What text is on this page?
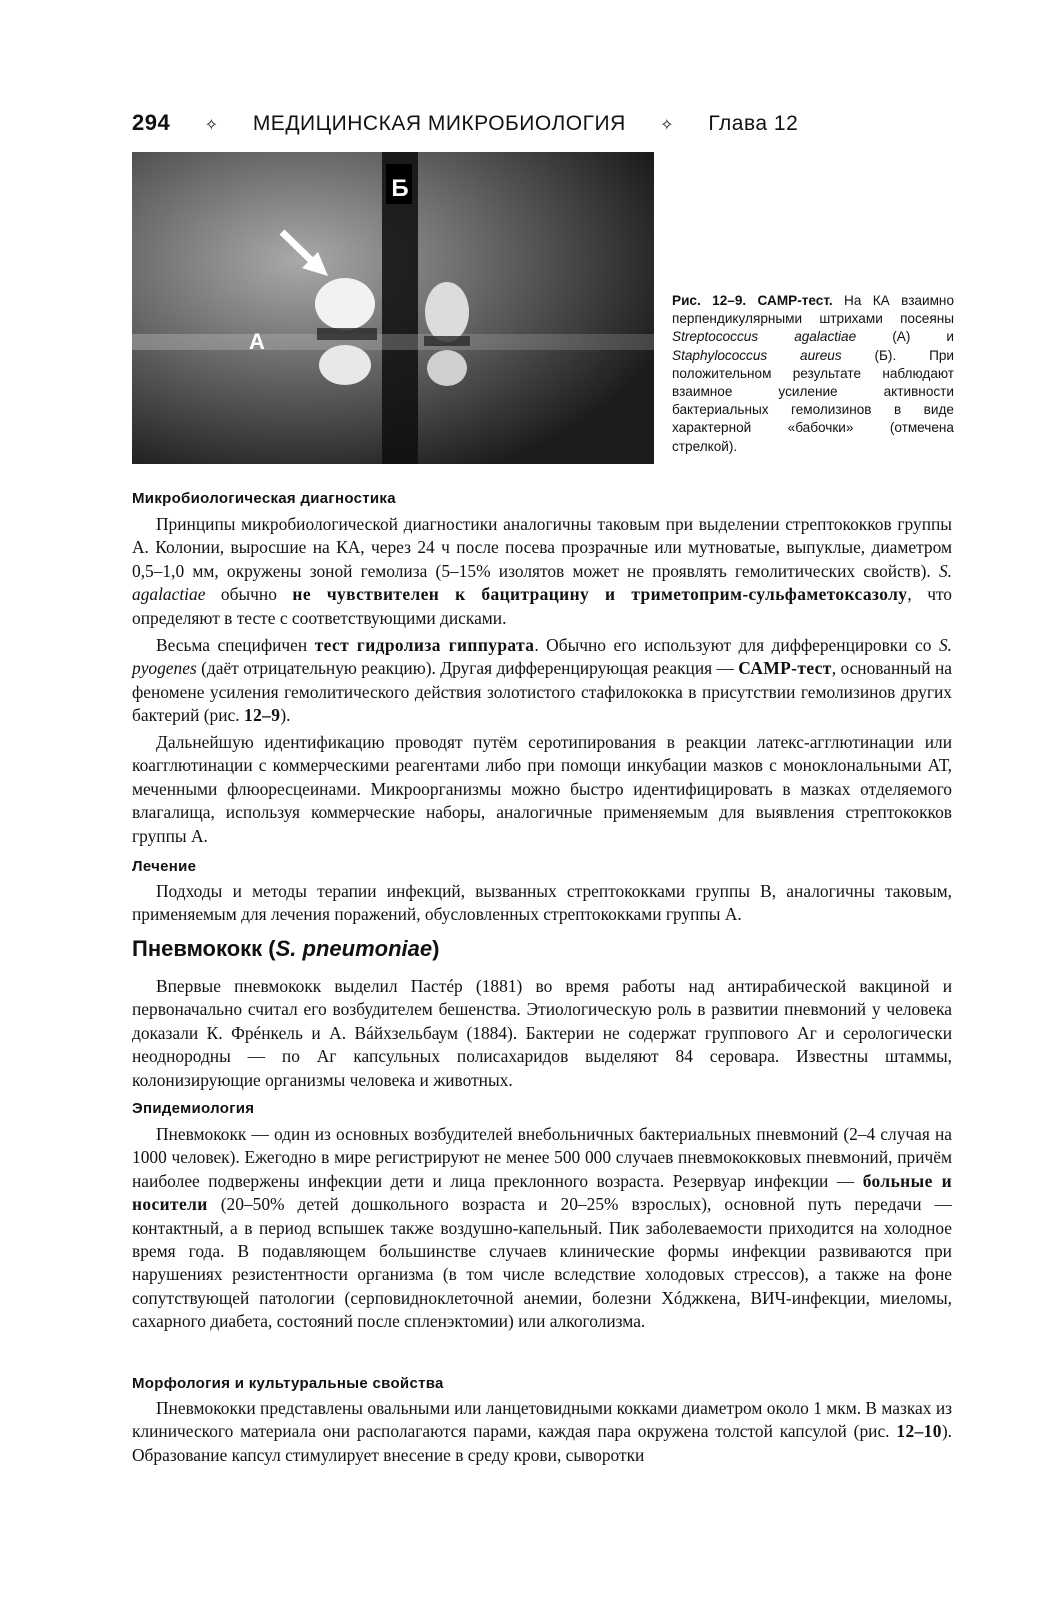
294 ✧ МЕДИЦИНСКАЯ МИКРОБИОЛОГИЯ ✧ Глава 12
Б
А
Рис. 12–9. САМР-тест. На КА взаимно перпендикулярными штрихами посеяны Streptococcus agalactiae (А) и Staphylococcus aureus (Б). При положительном результате наблюдают взаимное усиление активности бактериальных гемолизинов в виде характерной «бабочки» (отмечена стрелкой).
Микробиологическая диагностика

Принципы микробиологической диагностики аналогичны таковым при выделении стрептококков группы А. Колонии, выросшие на КА, через 24 ч после посева прозрачные или мутноватые, выпуклые, диаметром 0,5–1,0 мм, окружены зоной гемолиза (5–15% изолятов может не проявлять гемолитических свойств). S. agalactiae обычно не чувствителен к бацитрацину и триметоприм-сульфаметоксазолу, что определяют в тесте с соответствующими дисками.

Весьма специфичен тест гидролиза гиппурата. Обычно его используют для дифференцировки со S. pyogenes (даёт отрицательную реакцию). Другая дифференцирующая реакция — САМР-тест, основанный на феномене усиления гемолитического действия золотистого стафилококка в присутствии гемолизинов других бактерий (рис. 12–9).

Дальнейшую идентификацию проводят путём серотипирования в реакции латекс-агглютинации или коагглютинации с коммерческими реагентами либо при помощи инкубации мазков с моноклональными АТ, меченными флюоресцеинами. Микроорганизмы можно быстро идентифицировать в мазках отделяемого влагалища, используя коммерческие наборы, аналогичные применяемым для выявления стрептококков группы А.

Лечение

Подходы и методы терапии инфекций, вызванных стрептококками группы В, аналогичны таковым, применяемым для лечения поражений, обусловленных стрептококками группы А.

Пневмококк (S. pneumoniae)

Впервые пневмококк выделил Пастéр (1881) во время работы над антирабической вакциной и первоначально считал его возбудителем бешенства. Этиологическую роль в развитии пневмоний у человека доказали К. Фрéнкель и А. Вáйхзельбаум (1884). Бактерии не содержат группового Аг и серологически неоднородны — по Аг капсульных полисахаридов выделяют 84 серовара. Известны штаммы, колонизирующие организмы человека и животных.

Эпидемиология

Пневмококк — один из основных возбудителей внебольничных бактериальных пневмоний (2–4 случая на 1000 человек). Ежегодно в мире регистрируют не менее 500 000 случаев пневмококковых пневмоний, причём наиболее подвержены инфекции дети и лица преклонного возраста. Резервуар инфекции — больные и носители (20–50% детей дошкольного возраста и 20–25% взрослых), основной путь передачи — контактный, а в период вспышек также воздушно-капельный. Пик заболеваемости приходится на холодное время года. В подавляющем большинстве случаев клинические формы инфекции развиваются при нарушениях резистентности организма (в том числе вследствие холодовых стрессов), а также на фоне сопутствующей патологии (серповидноклеточной анемии, болезни Хóджкена, ВИЧ-инфекции, миеломы, сахарного диабета, состояний после спленэктомии) или алкоголизма.

Морфология и культуральные свойства

Пневмококки представлены овальными или ланцетовидными кокками диаметром около 1 мкм. В мазках из клинического материала они располагаются парами, каждая пара окружена толстой капсулой (рис. 12–10). Образование капсул стимулирует внесение в среду крови, сыворотки
